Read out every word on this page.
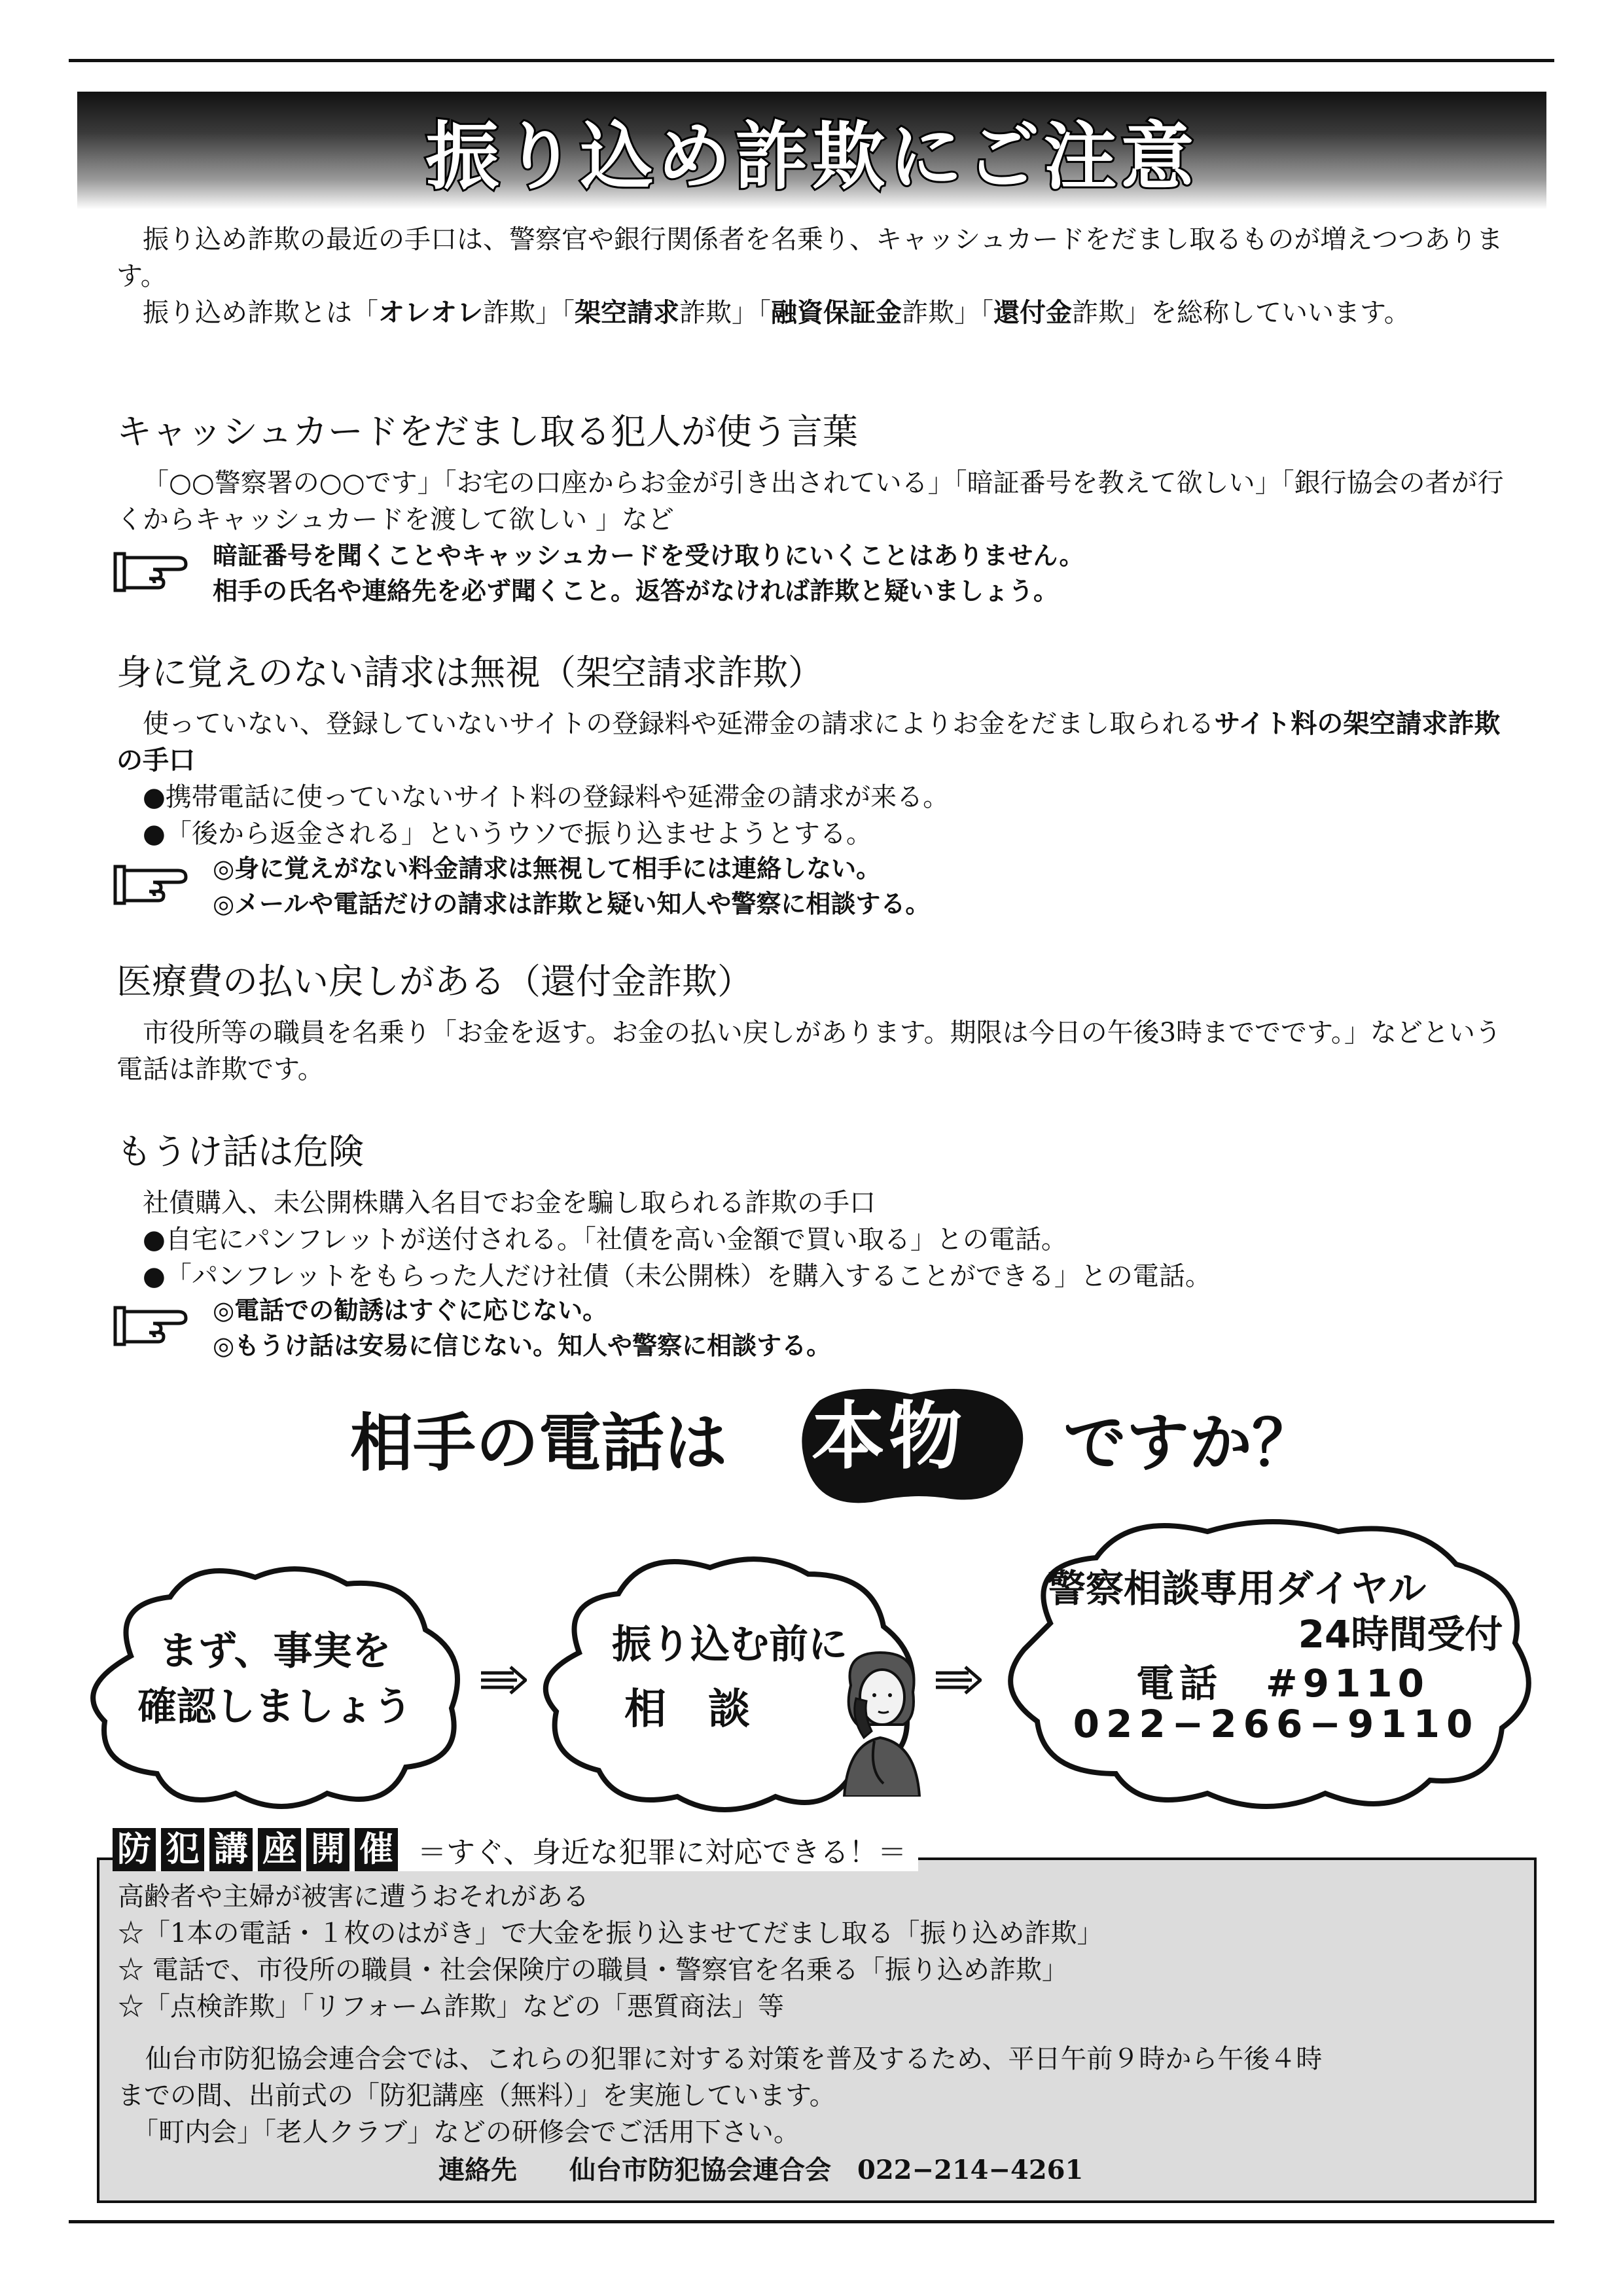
振り込め詐欺にご注意
振り込め詐欺の最近の手口は、警察官や銀行関係者を名乗り、キャッシュカードをだまし取るものが増えつつあります。
振り込め詐欺とは「オレオレ詐欺」「架空請求詐欺」「融資保証金詐欺」「還付金詐欺」を総称していいます。
キャッシュカードをだまし取る犯人が使う言葉
「○○警察署の○○です」「お宅の口座からお金が引き出されている」「暗証番号を教えて欲しい」「銀行協会の者が行くからキャッシュカードを渡して欲しい 」など
暗証番号を聞くことやキャッシュカードを受け取りにいくことはありません。
相手の氏名や連絡先を必ず聞くこと。返答がなければ詐欺と疑いましょう。
身に覚えのない請求は無視（架空請求詐欺）
使っていない、登録していないサイトの登録料や延滞金の請求によりお金をだまし取られるサイト料の架空請求詐欺の手口
●携帯電話に使っていないサイト料の登録料や延滞金の請求が来る。
●「後から返金される」というウソで振り込ませようとする。
◎身に覚えがない料金請求は無視して相手には連絡しない。
◎メールや電話だけの請求は詐欺と疑い知人や警察に相談する。
医療費の払い戻しがある（還付金詐欺）
市役所等の職員を名乗り「お金を返す。お金の払い戻しがあります。期限は今日の午後3時まででです。」などという電話は詐欺です。
もうけ話は危険
社債購入、未公開株購入名目でお金を騙し取られる詐欺の手口
●自宅にパンフレットが送付される。「社債を高い金額で買い取る」との電話。
●「パンフレットをもらった人だけ社債（未公開株）を購入することができる」との電話。
◎電話での勧誘はすぐに応じない。
◎もうけ話は安易に信じない。知人や警察に相談する。
相手の電話は 本物 ですか？
まず、事実を
確認しましょう
振り込む前に
相　談
警察相談専用ダイヤル
24時間受付
電話　#9110
022−266−9110
防 犯 講 座 開 催 ＝すぐ、身近な犯罪に対応できる！＝
高齢者や主婦が被害に遭うおそれがある
☆「1本の電話・１枚のはがき」で大金を振り込ませてだまし取る「振り込め詐欺」
☆ 電話で、市役所の職員・社会保険庁の職員・警察官を名乗る「振り込め詐欺」
☆「点検詐欺」「リフォーム詐欺」などの「悪質商法」等
仙台市防犯協会連合会では、これらの犯罪に対する対策を普及するため、平日午前９時から午後４時
までの間、出前式の「防犯講座（無料）」を実施しています。
「町内会」「老人クラブ」などの研修会でご活用下さい。
連絡先　　仙台市防犯協会連合会　022−214−4261
